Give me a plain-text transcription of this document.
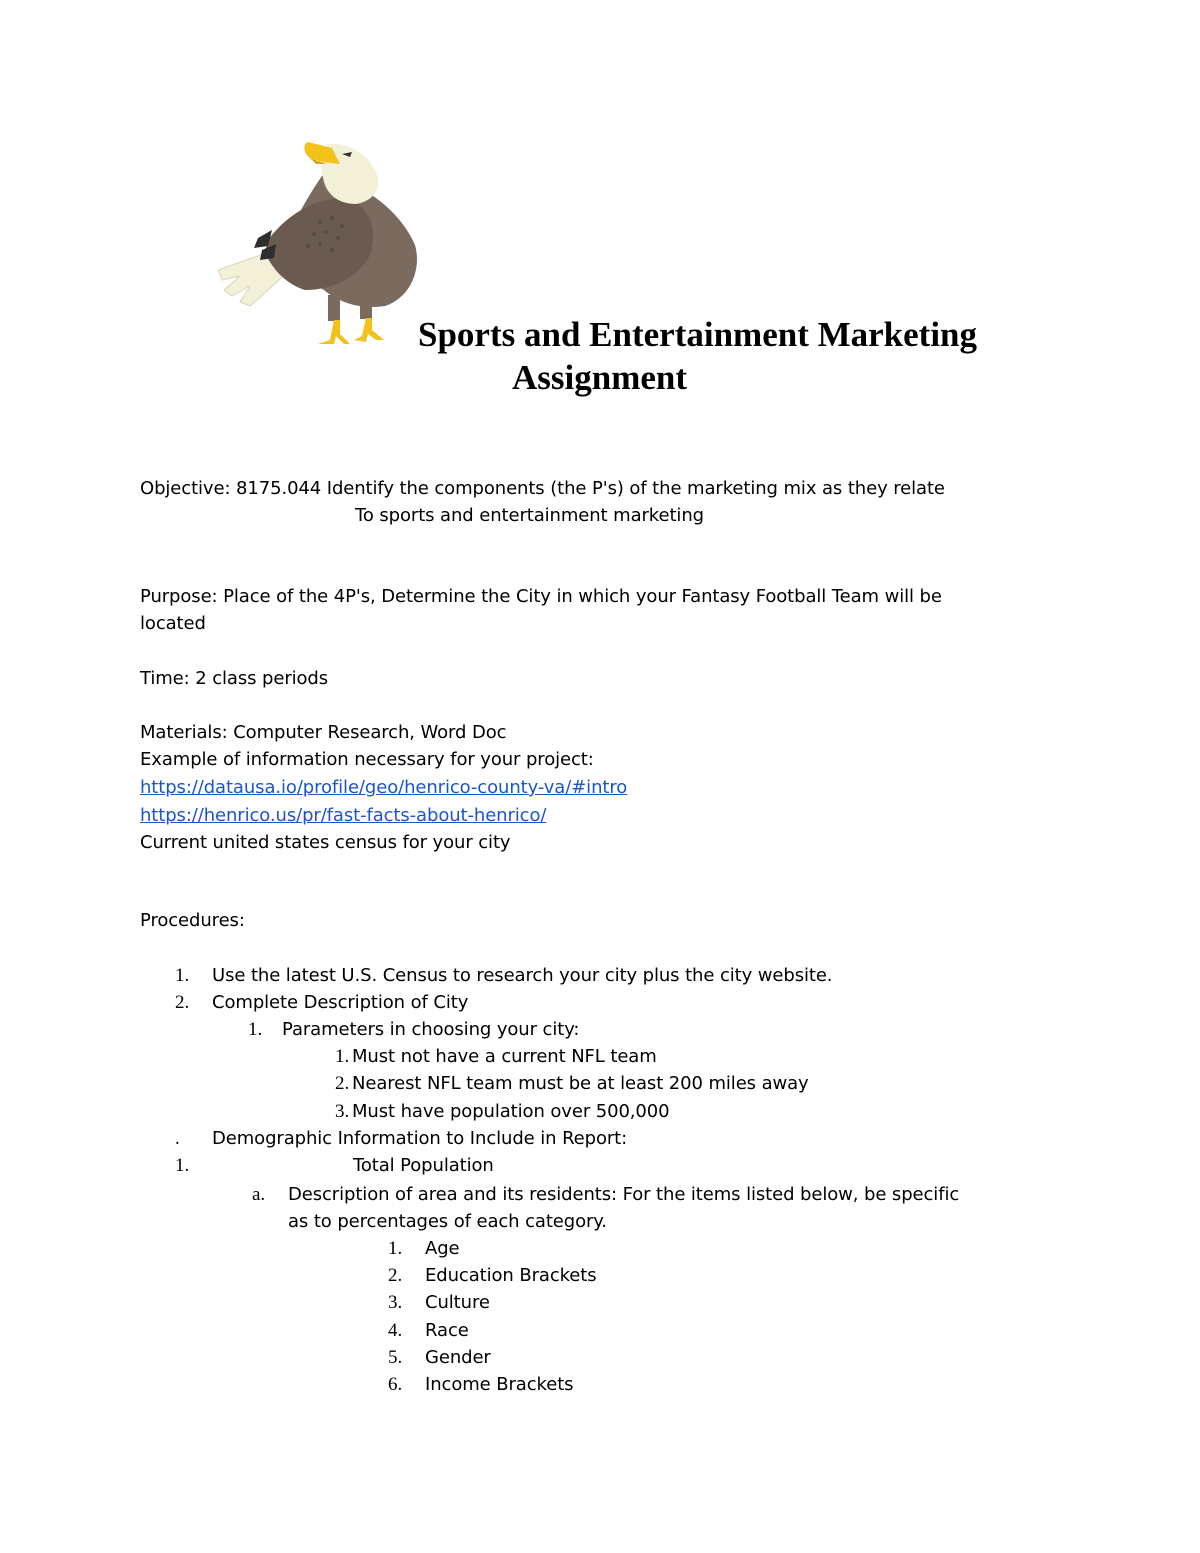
Sports and Entertainment Marketing
Assignment
Objective: 8175.044 Identify the components (the P's) of the marketing mix as they relate
To sports and entertainment marketing
Purpose: Place of the 4P's, Determine the City in which your Fantasy Football Team will be
located
Time: 2 class periods
Materials: Computer Research, Word Doc
Example of information necessary for your project:
https://datausa.io/profile/geo/henrico-county-va/#intro
https://henrico.us/pr/fast-facts-about-henrico/
Current united states census for your city
Procedures:
1. Use the latest U.S. Census to research your city plus the city website.
2. Complete Description of City
1. Parameters in choosing your city:
1. Must not have a current NFL team
2. Nearest NFL team must be at least 200 miles away
3. Must have population over 500,000
. Demographic Information to Include in Report:
1.	Total Population
a. Description of area and its residents: For the items listed below, be specific
as to percentages of each category.
1. Age
2. Education Brackets
3. Culture
4. Race
5. Gender
6. Income Brackets
